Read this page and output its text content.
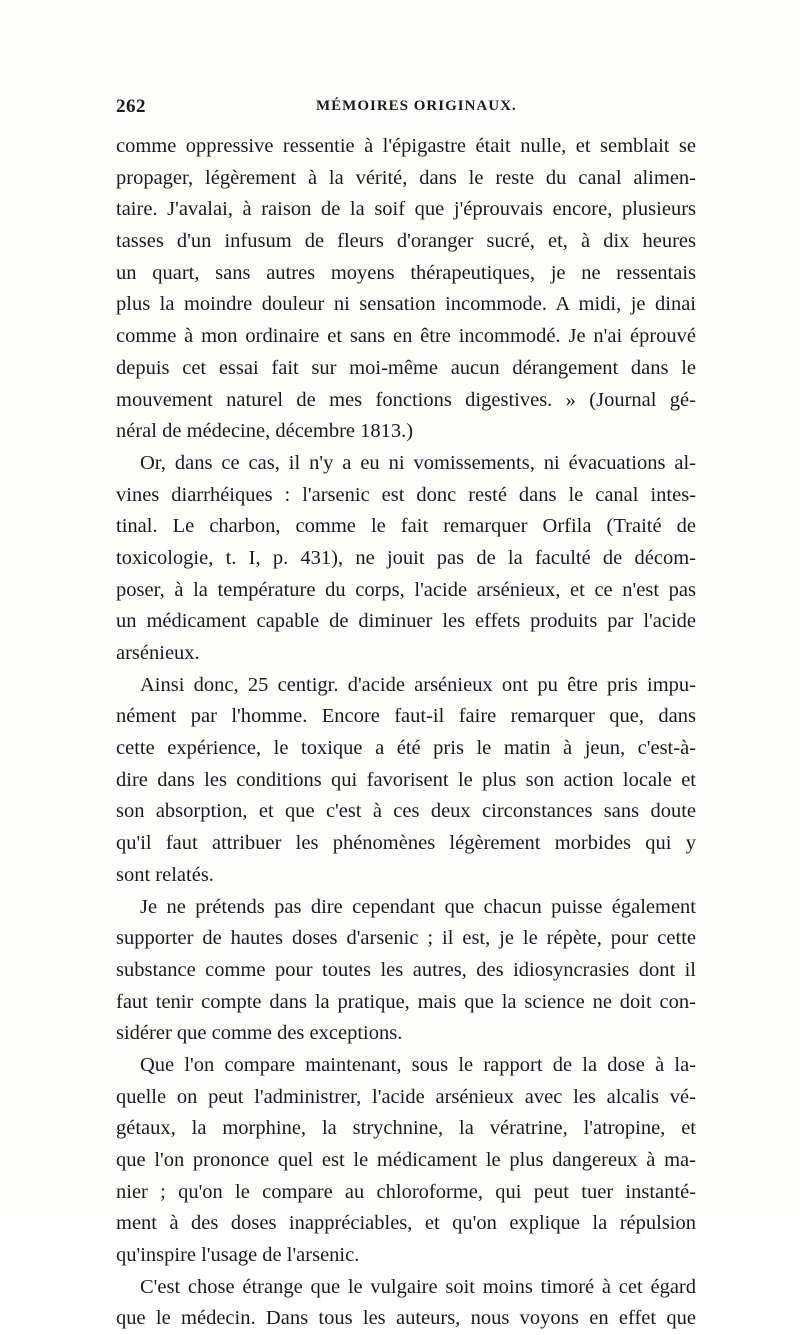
262	MÉMOIRES ORIGINAUX.
comme oppressive ressentie à l'épigastre était nulle, et semblait se
propager, légèrement à la vérité, dans le reste du canal alimen-
taire. J'avalai, à raison de la soif que j'éprouvais encore, plusieurs
tasses d'un infusum de fleurs d'oranger sucré, et, à dix heures
un quart, sans autres moyens thérapeutiques, je ne ressentais
plus la moindre douleur ni sensation incommode. A midi, je dinai
comme à mon ordinaire et sans en être incommodé. Je n'ai éprouvé
depuis cet essai fait sur moi-même aucun dérangement dans le
mouvement naturel de mes fonctions digestives. » (Journal gé-
néral de médecine, décembre 1813.)
Or, dans ce cas, il n'y a eu ni vomissements, ni évacuations al-
vines diarrhéiques : l'arsenic est donc resté dans le canal intes-
tinal. Le charbon, comme le fait remarquer Orfila (Traité de
toxicologie, t. I, p. 431), ne jouit pas de la faculté de décom-
poser, à la température du corps, l'acide arsénieux, et ce n'est pas
un médicament capable de diminuer les effets produits par l'acide
arsénieux.
Ainsi donc, 25 centigr. d'acide arsénieux ont pu être pris impu-
nément par l'homme. Encore faut-il faire remarquer que, dans
cette expérience, le toxique a été pris le matin à jeun, c'est-à-
dire dans les conditions qui favorisent le plus son action locale et
son absorption, et que c'est à ces deux circonstances sans doute
qu'il faut attribuer les phénomènes légèrement morbides qui y
sont relatés.
Je ne prétends pas dire cependant que chacun puisse également
supporter de hautes doses d'arsenic ; il est, je le répète, pour cette
substance comme pour toutes les autres, des idiosyncrasies dont il
faut tenir compte dans la pratique, mais que la science ne doit con-
sidérer que comme des exceptions.
Que l'on compare maintenant, sous le rapport de la dose à la-
quelle on peut l'administrer, l'acide arsénieux avec les alcalis vé-
gétaux, la morphine, la strychnine, la vératrine, l'atropine, et
que l'on prononce quel est le médicament le plus dangereux à ma-
nier ; qu'on le compare au chloroforme, qui peut tuer instanté-
ment à des doses inappréciables, et qu'on explique la répulsion
qu'inspire l'usage de l'arsenic.
C'est chose étrange que le vulgaire soit moins timoré à cet égard
que le médecin. Dans tous les auteurs, nous voyons en effet que
